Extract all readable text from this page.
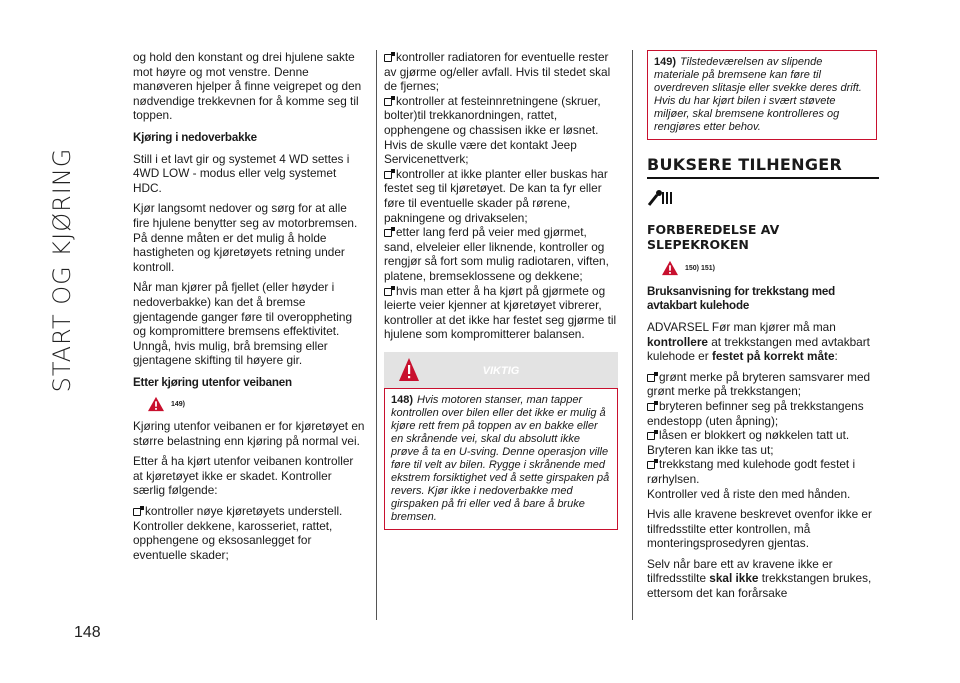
START OG KJØRING
148

og hold den konstant og drei hjulene sakte mot høyre og mot venstre. Denne manøveren hjelper å finne veigrepet og den nødvendige trekkevnen for å komme seg til toppen.

Kjøring i nedoverbakke

Still i et lavt gir og systemet 4 WD settes i 4WD LOW - modus eller velg systemet HDC.

Kjør langsomt nedover og sørg for at alle fire hjulene benytter seg av motorbremsen. På denne måten er det mulig å holde hastigheten og kjøretøyets retning under kontroll.

Når man kjører på fjellet (eller høyder i nedoverbakke) kan det å bremse gjentagende ganger føre til overoppheting og kompromittere bremsens effektivitet. Unngå, hvis mulig, brå bremsing eller gjentagene skifting til høyere gir.

Etter kjøring utenfor veibanen
149)

Kjøring utenfor veibanen er for kjøretøyet en større belastning enn kjøring på normal vei.

Etter å ha kjørt utenfor veibanen kontroller at kjøretøyet ikke er skadet. Kontroller særlig følgende:

kontroller nøye kjøretøyets understell. Kontroller dekkene, karosseriet, rattet, opphengene og eksosanlegget for eventuelle skader;
kontroller radiatoren for eventuelle rester av gjørme og/eller avfall. Hvis til stedet skal de fjernes;
kontroller at festeinnretningene (skruer, bolter)til trekkanordningen, rattet, opphengene og chassisen ikke er løsnet. Hvis de skulle være det kontakt Jeep Servicenettverk;
kontroller at ikke planter eller buskas har festet seg til kjøretøyet. De kan ta fyr eller føre til eventuelle skader på rørene, pakningene og drivakselen;
etter lang ferd på veier med gjørmet, sand, elveleier eller liknende, kontroller og rengjør så fort som mulig radiotaren, viften, platene, bremseklossene og dekkene;
hvis man etter å ha kjørt på gjørmete og leierte veier kjenner at kjøretøyet vibrerer, kontroller at det ikke har festet seg gjørme til hjulene som kompromitterer balansen.
VIKTIG
148) Hvis motoren stanser, man tapper kontrollen over bilen eller det ikke er mulig å kjøre rett frem på toppen av en bakke eller en skrånende vei, skal du absolutt ikke prøve å ta en U-sving. Denne operasjon ville føre til velt av bilen. Rygge i skrånende med ekstrem forsiktighet ved å sette girspaken på revers. Kjør ikke i nedoverbakke med girspaken på fri eller ved å bare å bruke bremsen.
149) Tilstedeværelsen av slipende materiale på bremsene kan føre til overdreven slitasje eller svekke deres drift. Hvis du har kjørt bilen i svært støvete miljøer, skal bremsene kontrolleres og rengjøres etter behov.
BUKSERE TILHENGER
FORBEREDELSE AV SLEPEKROKEN
150) 151)
Bruksanvisning for trekkstang med avtakbart kulehode

ADVARSEL Før man kjører må man kontrollere at trekkstangen med avtakbart kulehode er festet på korrekt måte:

grønt merke på bryteren samsvarer med grønt merke på trekkstangen;
bryteren befinner seg på trekkstangens endestopp (uten åpning);
låsen er blokkert og nøkkelen tatt ut. Bryteren kan ikke tas ut;
trekkstang med kulehode godt festet i rørhylsen.

Kontroller ved å riste den med hånden.

Hvis alle kravene beskrevet ovenfor ikke er tilfredsstilte etter kontrollen, må monteringsprosedyren gjentas.

Selv når bare ett av kravene ikke er tilfredsstilte skal ikke trekkstangen brukes, ettersom det kan forårsake
